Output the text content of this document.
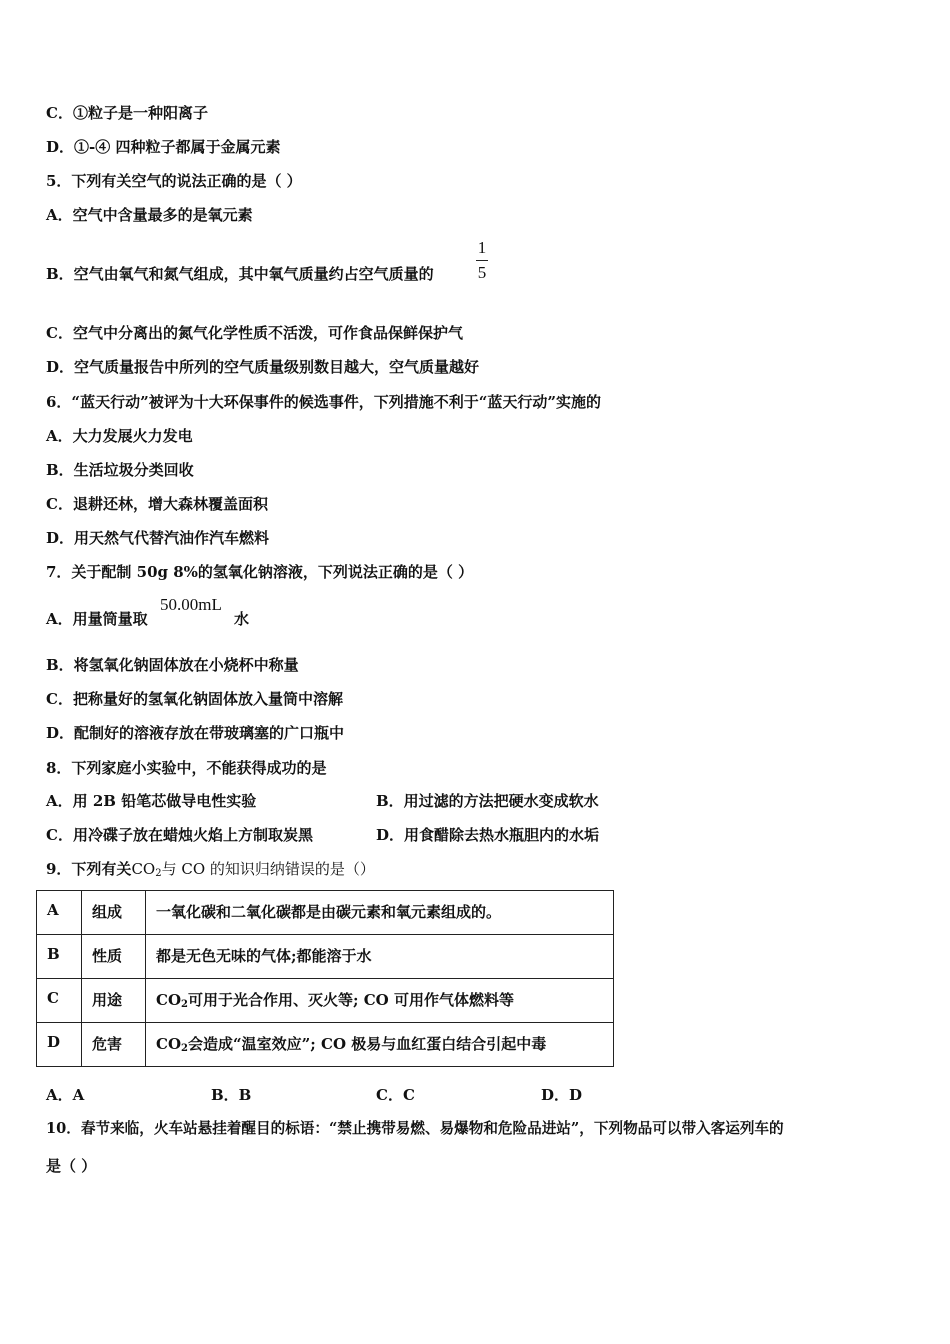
C．①粒子是一种阳离子
D．①-④ 四种粒子都属于金属元素
5．下列有关空气的说法正确的是（ ）
A．空气中含量最多的是氧元素
B．空气由氧气和氮气组成，其中氧气质量约占空气质量的
1
5
C．空气中分离出的氮气化学性质不活泼，可作食品保鲜保护气
D．空气质量报告中所列的空气质量级别数目越大，空气质量越好
6．“蓝天行动”被评为十大环保事件的候选事件，下列措施不利于“蓝天行动”实施的
A．大力发展火力发电
B．生活垃圾分类回收
C．退耕还林，增大森林覆盖面积
D．用天然气代替汽油作汽车燃料
7．关于配制 50g 8%的氢氧化钠溶液，下列说法正确的是（ ）
A．用量筒量取
50.00mL
水
B．将氢氧化钠固体放在小烧杯中称量
C．把称量好的氢氧化钠固体放入量筒中溶解
D．配制好的溶液存放在带玻璃塞的广口瓶中
8．下列家庭小实验中，不能获得成功的是
A．用 2B 铅笔芯做导电性实验	B．用过滤的方法把硬水变成软水
C．用冷碟子放在蜡烛火焰上方制取炭黑	D．用食醋除去热水瓶胆内的水垢
9．下列有关$CO_2$与 CO 的知识归纳错误的是（）
A	组成	一氧化碳和二氧化碳都是由碳元素和氧元素组成的。
B	性质	都是无色无味的气体;都能溶于水
C	用途	$CO_2$可用于光合作用、灭火等; CO 可用作气体燃料等
D	危害	$CO_2$会造成“温室效应”; CO 极易与血红蛋白结合引起中毒
A．A	B．B	C．C	D．D
10．春节来临，火车站悬挂着醒目的标语：“禁止携带易燃、易爆物和危险品进站”，下列物品可以带入客运列车的
是（ ）
